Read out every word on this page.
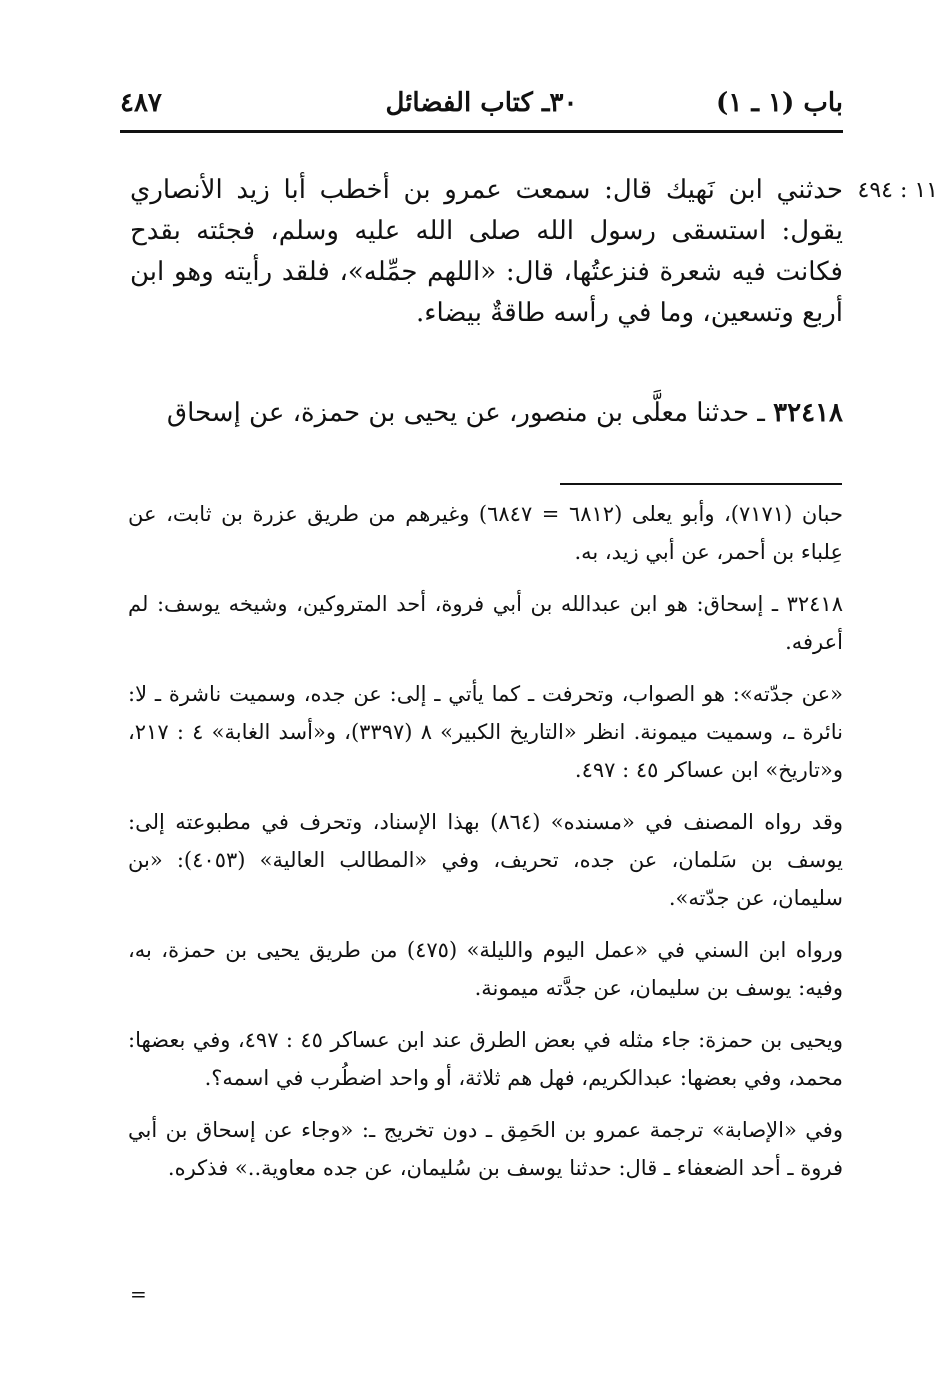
باب (١ ـ ١)
٣٠ـ كتاب الفضائل
٤٨٧
١١ : ٤٩٤
حدثني ابن نَهيك قال: سمعت عمرو بن أخطب أبا زيد الأنصاري يقول: استسقى رسول الله صلى الله عليه وسلم، فجئته بقدح فكانت فيه شعرة فنزعتُها، قال: «اللهم جمِّله»، فلقد رأيته وهو ابن أربع وتسعين، وما في رأسه طاقةٌ بيضاء.
٣٢٤١٨ ـ حدثنا معلَّى بن منصور، عن يحيى بن حمزة، عن إسحاق

حبان (٧١٧١)، وأبو يعلى (٦٨١٢ = ٦٨٤٧) وغيرهم من طريق عزرة بن ثابت، عن عِلباء بن أحمر، عن أبي زيد، به.

٣٢٤١٨ ـ إسحاق: هو ابن عبدالله بن أبي فروة، أحد المتروكين، وشيخه يوسف: لم أعرفه.

«عن جدّته»: هو الصواب، وتحرفت ـ كما يأتي ـ إلى: عن جده، وسميت ناشرة ـ لا: نائرة ـ، وسميت ميمونة. انظر «التاريخ الكبير» ٨ (٣٣٩٧)، و«أسد الغابة» ٤ : ٢١٧، و«تاريخ» ابن عساكر ٤٥ : ٤٩٧.

وقد رواه المصنف في «مسنده» (٨٦٤) بهذا الإسناد، وتحرف في مطبوعته إلى: يوسف بن سَلمان، عن جده، تحريف، وفي «المطالب العالية» (٤٠٥٣): «بن سليمان، عن جدّته».

ورواه ابن السني في «عمل اليوم والليلة» (٤٧٥) من طريق يحيى بن حمزة، به، وفيه: يوسف بن سليمان، عن جدَّته ميمونة.

ويحيى بن حمزة: جاء مثله في بعض الطرق عند ابن عساكر ٤٥ : ٤٩٧، وفي بعضها: محمد، وفي بعضها: عبدالكريم، فهل هم ثلاثة، أو واحد اضطُرب في اسمه؟.

وفي «الإصابة» ترجمة عمرو بن الحَمِق ـ دون تخريج ـ: «وجاء عن إسحاق بن أبي فروة ـ أحد الضعفاء ـ قال: حدثنا يوسف بن سُليمان، عن جده معاوية..» فذكره.

=
